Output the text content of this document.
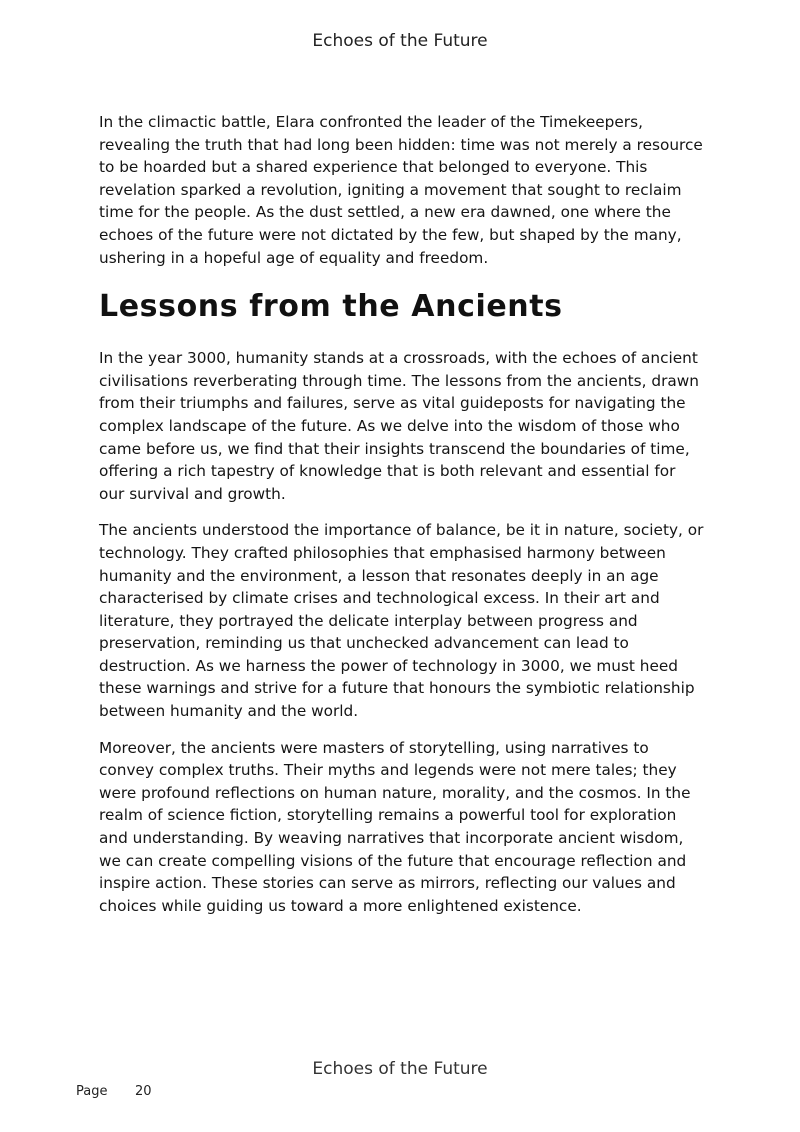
Echoes of the Future

In the climactic battle, Elara confronted the leader of the Timekeepers, revealing the truth that had long been hidden: time was not merely a resource to be hoarded but a shared experience that belonged to everyone. This revelation sparked a revolution, igniting a movement that sought to reclaim time for the people. As the dust settled, a new era dawned, one where the echoes of the future were not dictated by the few, but shaped by the many, ushering in a hopeful age of equality and freedom.

Lessons from the Ancients

In the year 3000, humanity stands at a crossroads, with the echoes of ancient civilisations reverberating through time. The lessons from the ancients, drawn from their triumphs and failures, serve as vital guideposts for navigating the complex landscape of the future. As we delve into the wisdom of those who came before us, we find that their insights transcend the boundaries of time, offering a rich tapestry of knowledge that is both relevant and essential for our survival and growth.

The ancients understood the importance of balance, be it in nature, society, or technology. They crafted philosophies that emphasised harmony between humanity and the environment, a lesson that resonates deeply in an age characterised by climate crises and technological excess. In their art and literature, they portrayed the delicate interplay between progress and preservation, reminding us that unchecked advancement can lead to destruction. As we harness the power of technology in 3000, we must heed these warnings and strive for a future that honours the symbiotic relationship between humanity and the world.

Moreover, the ancients were masters of storytelling, using narratives to convey complex truths. Their myths and legends were not mere tales; they were profound reflections on human nature, morality, and the cosmos. In the realm of science fiction, storytelling remains a powerful tool for exploration and understanding. By weaving narratives that incorporate ancient wisdom, we can create compelling visions of the future that encourage reflection and inspire action. These stories can serve as mirrors, reflecting our values and choices while guiding us toward a more enlightened existence.

Echoes of the Future
Page 20
